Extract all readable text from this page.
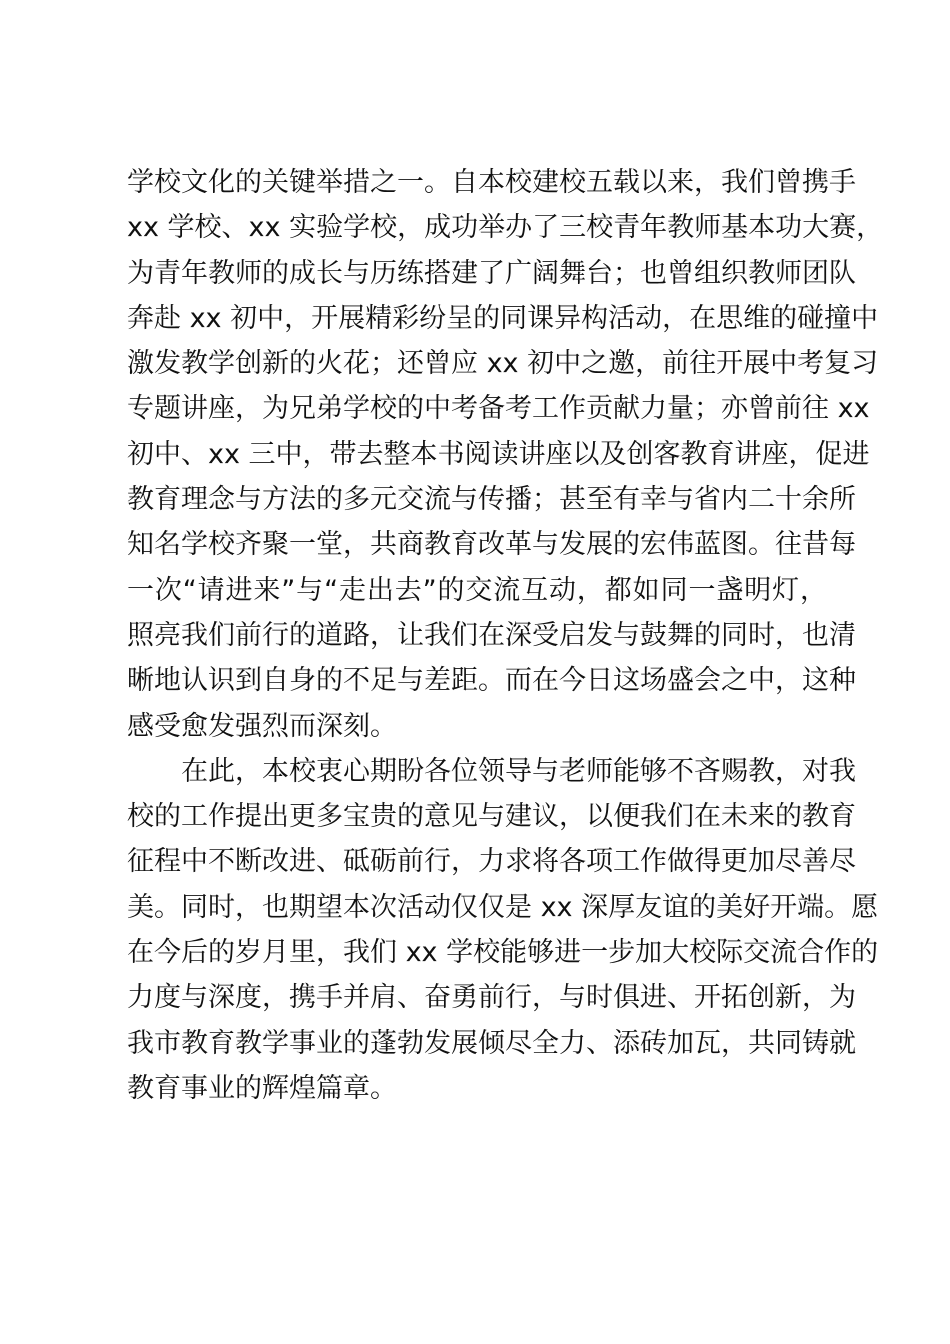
学校文化的关键举措之一。自本校建校五载以来，我们曾携手
xx 学校、xx 实验学校，成功举办了三校青年教师基本功大赛，
为青年教师的成长与历练搭建了广阔舞台；也曾组织教师团队
奔赴 xx 初中，开展精彩纷呈的同课异构活动，在思维的碰撞中
激发教学创新的火花；还曾应 xx 初中之邀，前往开展中考复习
专题讲座，为兄弟学校的中考备考工作贡献力量；亦曾前往 xx
初中、xx 三中，带去整本书阅读讲座以及创客教育讲座，促进
教育理念与方法的多元交流与传播；甚至有幸与省内二十余所
知名学校齐聚一堂，共商教育改革与发展的宏伟蓝图。往昔每
一次“请进来”与“走出去”的交流互动，都如同一盏明灯，
照亮我们前行的道路，让我们在深受启发与鼓舞的同时，也清
晰地认识到自身的不足与差距。而在今日这场盛会之中，这种
感受愈发强烈而深刻。
在此，本校衷心期盼各位领导与老师能够不吝赐教，对我
校的工作提出更多宝贵的意见与建议，以便我们在未来的教育
征程中不断改进、砥砺前行，力求将各项工作做得更加尽善尽
美。同时，也期望本次活动仅仅是 xx 深厚友谊的美好开端。愿
在今后的岁月里，我们 xx 学校能够进一步加大校际交流合作的
力度与深度，携手并肩、奋勇前行，与时俱进、开拓创新，为
我市教育教学事业的蓬勃发展倾尽全力、添砖加瓦，共同铸就
教育事业的辉煌篇章。
